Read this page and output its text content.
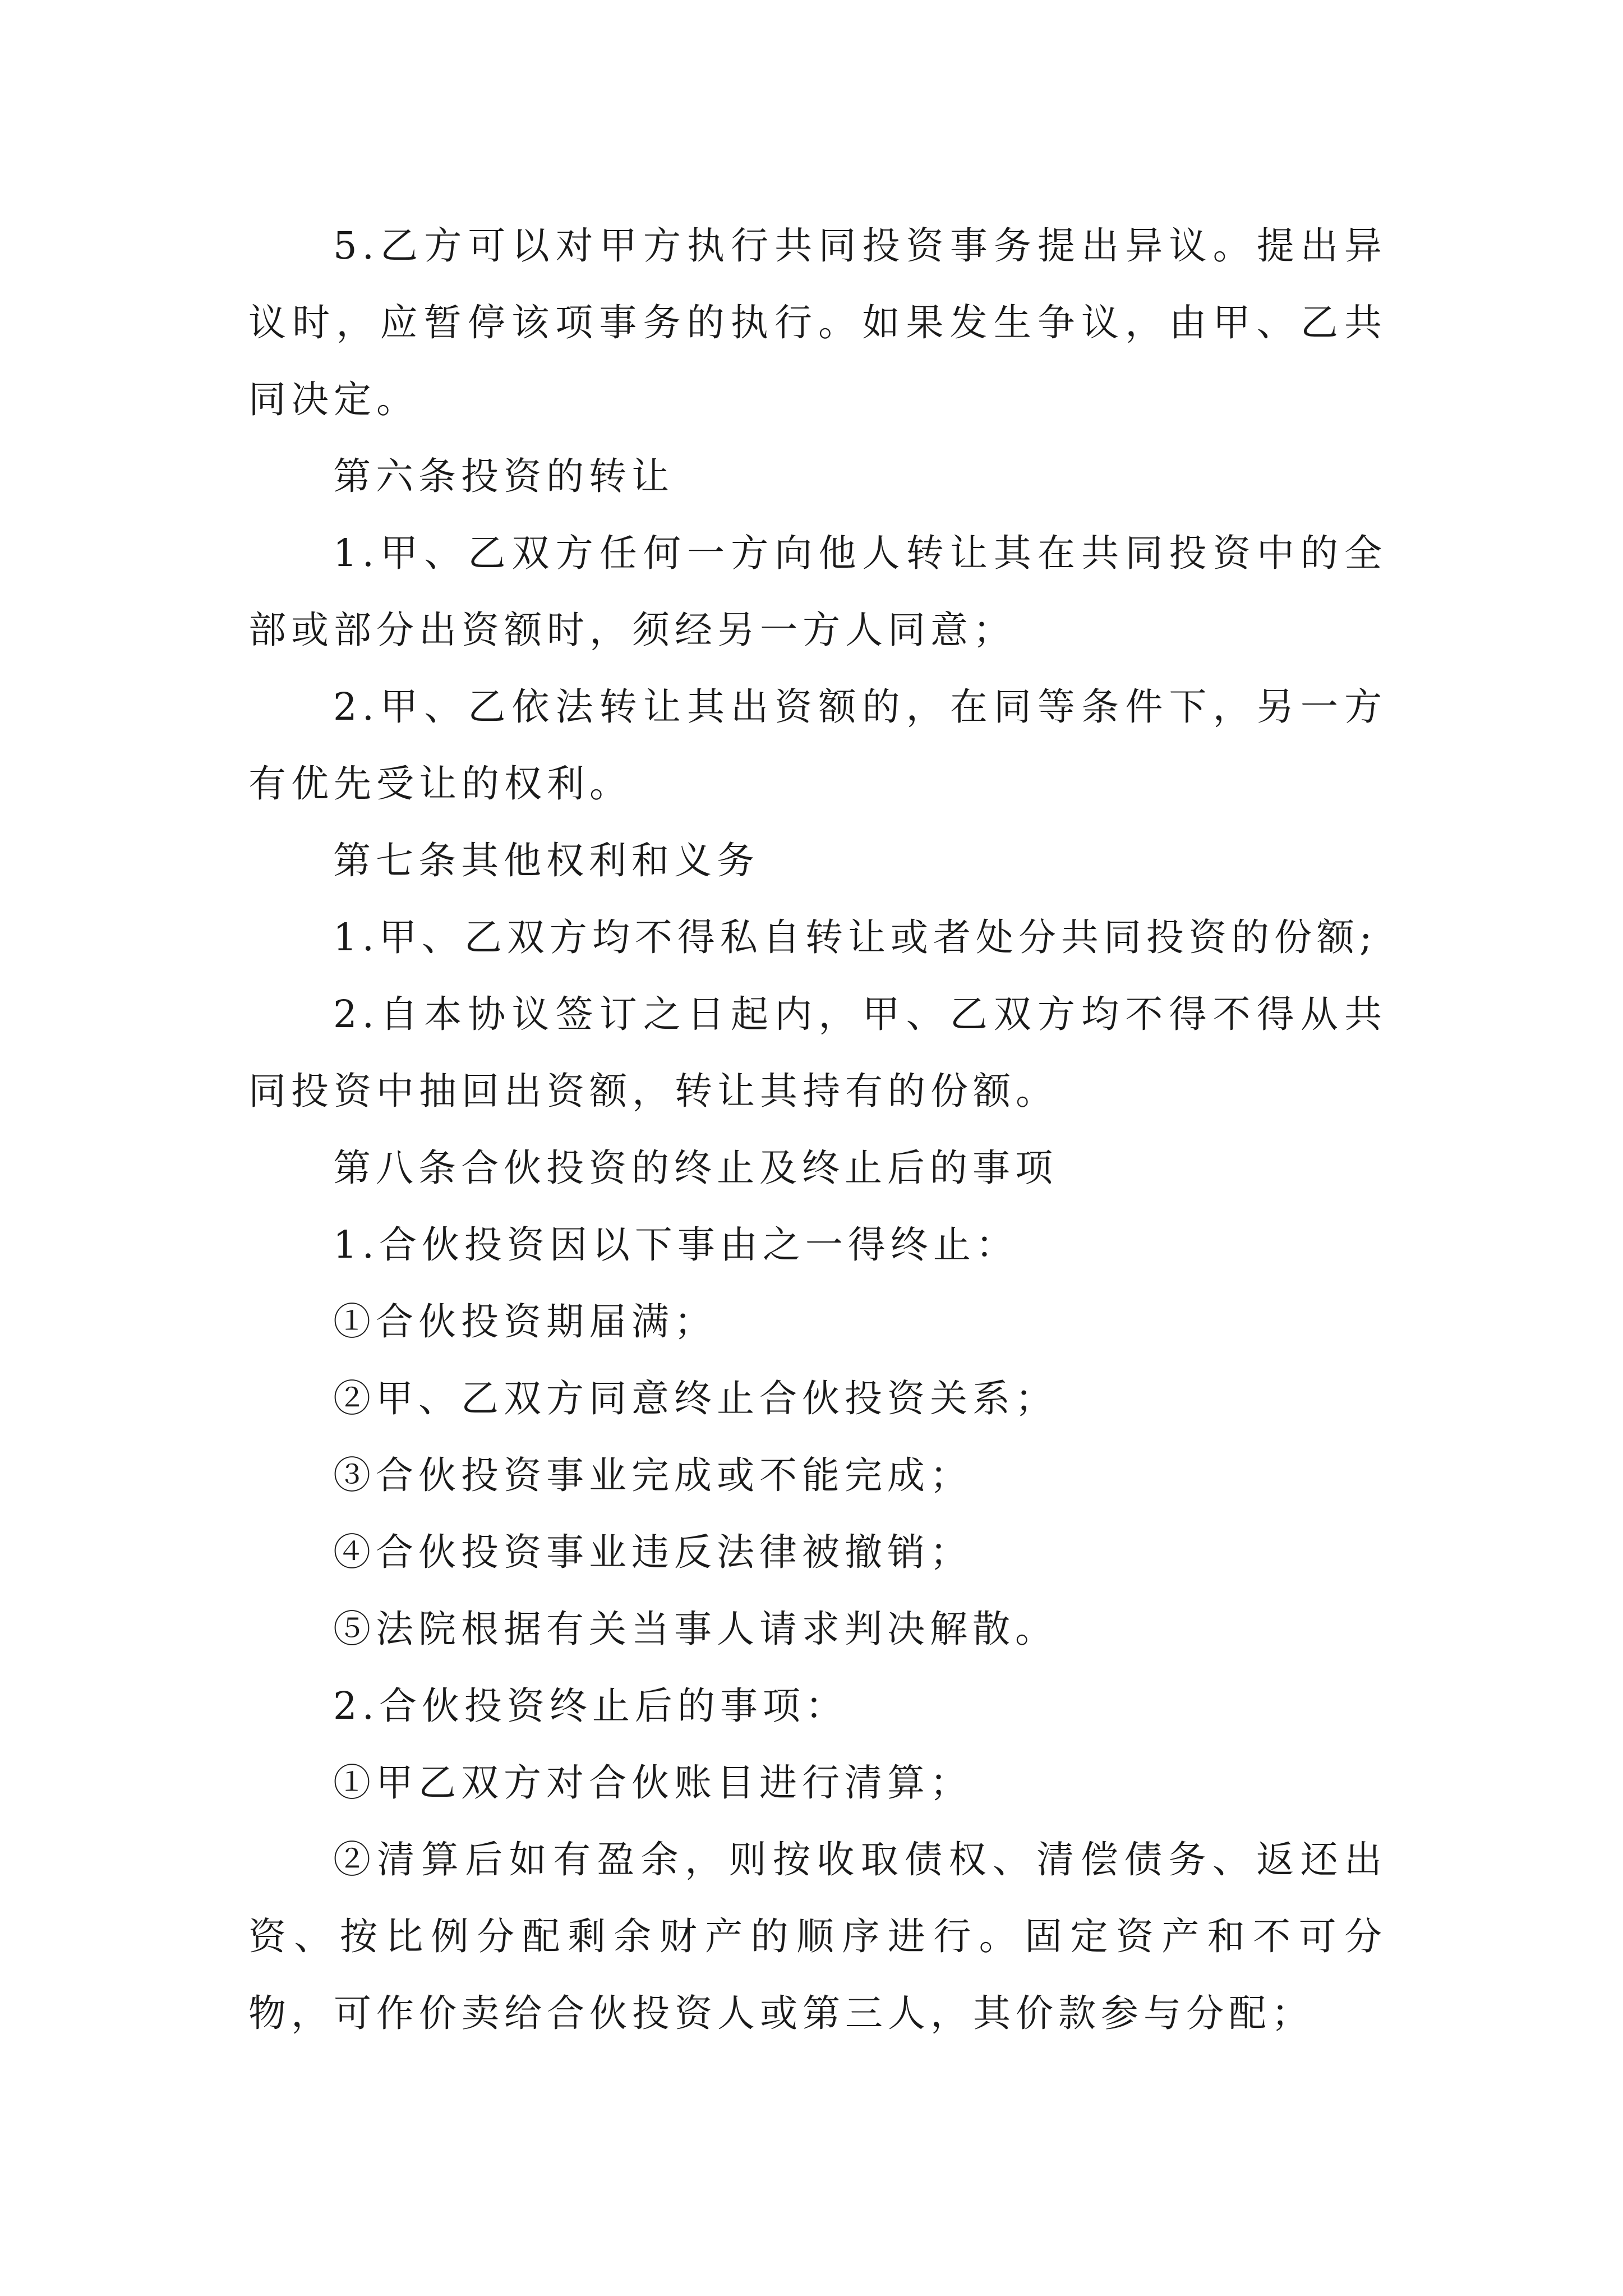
5.乙方可以对甲方执行共同投资事务提出异议。提出异议时，应暂停该项事务的执行。如果发生争议，由甲、乙共同决定。

第六条投资的转让

1.甲、乙双方任何一方向他人转让其在共同投资中的全部或部分出资额时，须经另一方人同意；

2.甲、乙依法转让其出资额的，在同等条件下，另一方有优先受让的权利。

第七条其他权利和义务

1.甲、乙双方均不得私自转让或者处分共同投资的份额;

2.自本协议签订之日起内，甲、乙双方均不得不得从共同投资中抽回出资额，转让其持有的份额。

第八条合伙投资的终止及终止后的事项

1.合伙投资因以下事由之一得终止：

①合伙投资期届满；

②甲、乙双方同意终止合伙投资关系；

③合伙投资事业完成或不能完成；

④合伙投资事业违反法律被撤销；

⑤法院根据有关当事人请求判决解散。

2.合伙投资终止后的事项：

①甲乙双方对合伙账目进行清算；

②清算后如有盈余，则按收取债权、清偿债务、返还出资、按比例分配剩余财产的顺序进行。固定资产和不可分物，可作价卖给合伙投资人或第三人，其价款参与分配；
